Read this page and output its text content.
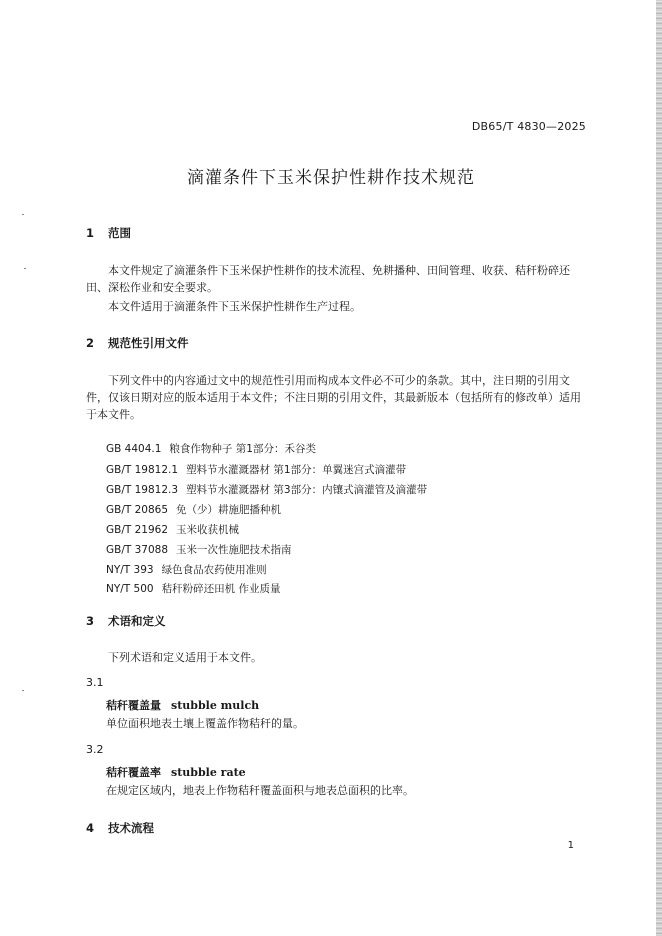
DB65/T 4830—2025
滴灌条件下玉米保护性耕作技术规范
1 范围
本文件规定了滴灌条件下玉米保护性耕作的技术流程、免耕播种、田间管理、收获、秸秆粉碎还田、深松作业和安全要求。
本文件适用于滴灌条件下玉米保护性耕作生产过程。
2 规范性引用文件
下列文件中的内容通过文中的规范性引用而构成本文件必不可少的条款。其中，注日期的引用文件，仅该日期对应的版本适用于本文件；不注日期的引用文件，其最新版本（包括所有的修改单）适用于本文件。
GB 4404.1 粮食作物种子 第1部分：禾谷类
GB/T 19812.1 塑料节水灌溉器材 第1部分：单翼迷宫式滴灌带
GB/T 19812.3 塑料节水灌溉器材 第3部分：内镶式滴灌管及滴灌带
GB/T 20865 免（少）耕施肥播种机
GB/T 21962 玉米收获机械
GB/T 37088 玉米一次性施肥技术指南
NY/T 393 绿色食品农药使用准则
NY/T 500 秸秆粉碎还田机 作业质量
3 术语和定义
下列术语和定义适用于本文件。
3.1
秸秆覆盖量 stubble mulch
单位面积地表土壤上覆盖作物秸秆的量。
3.2
秸秆覆盖率 stubble rate
在规定区域内，地表上作物秸秆覆盖面积与地表总面积的比率。
4 技术流程
1
